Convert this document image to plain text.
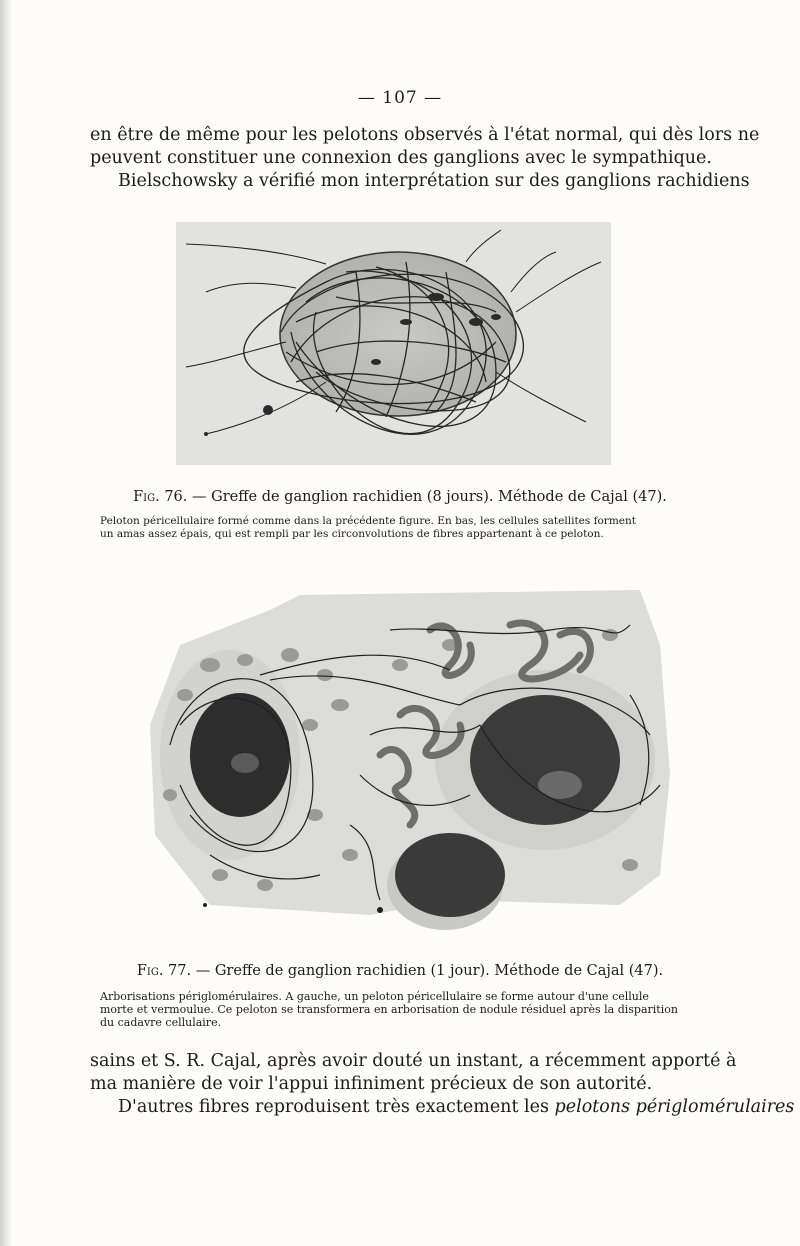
— 107 —
en être de même pour les pelotons observés à l'état normal, qui dès lors ne
peuvent constituer une connexion des ganglions avec le sympathique.
Bielschowsky a vérifié mon interprétation sur des ganglions rachidiens
Fig. 76. — Greffe de ganglion rachidien (8 jours). Méthode de Cajal (47).
Peloton péricellulaire formé comme dans la précédente figure. En bas, les cellules satellites forment
un amas assez épais, qui est rempli par les circonvolutions de fibres appartenant à ce peloton.
Fig. 77. — Greffe de ganglion rachidien (1 jour). Méthode de Cajal (47).
Arborisations périglomérulaires. A gauche, un peloton péricellulaire se forme autour d'une cellule
morte et vermoulue. Ce peloton se transformera en arborisation de nodule résiduel après la disparition
du cadavre cellulaire.
sains et S. R. Cajal, après avoir douté un instant, a récemment apporté à
ma manière de voir l'appui infiniment précieux de son autorité.
D'autres fibres reproduisent très exactement les pelotons périglomérulaires
